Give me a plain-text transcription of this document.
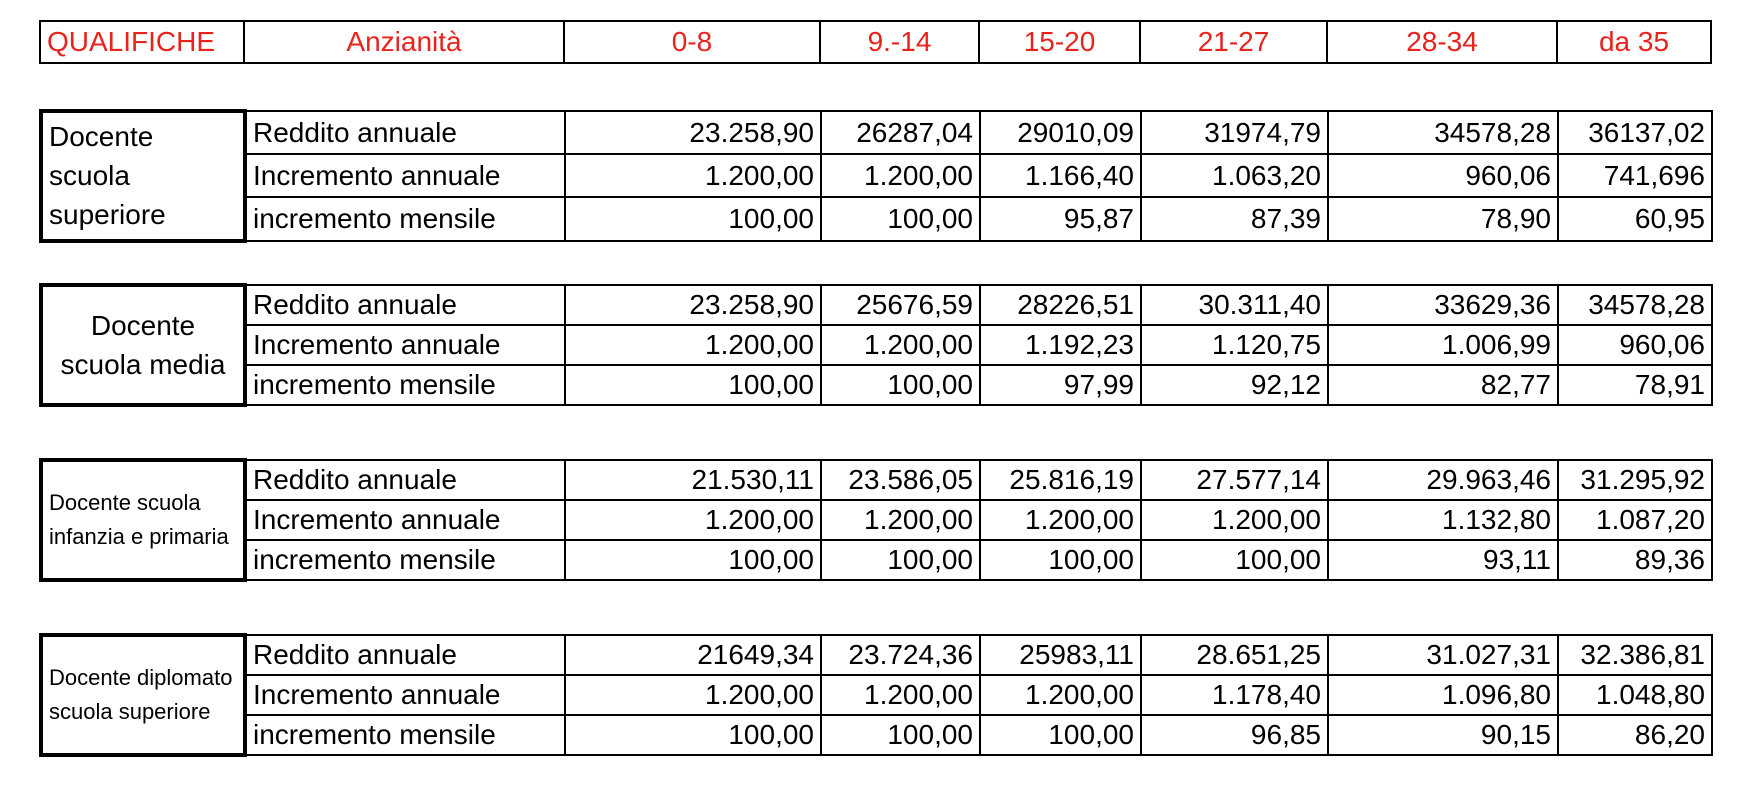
QUALIFICHE	Anzianità	0-8	9.-14	15-20	21-27	28-34	da 35
Docente scuola superiore	Reddito annuale	23.258,90	26287,04	29010,09	31974,79	34578,28	36137,02
	Incremento annuale	1.200,00	1.200,00	1.166,40	1.063,20	960,06	741,696
	incremento mensile	100,00	100,00	95,87	87,39	78,90	60,95
Docente scuola media	Reddito annuale	23.258,90	25676,59	28226,51	30.311,40	33629,36	34578,28
	Incremento annuale	1.200,00	1.200,00	1.192,23	1.120,75	1.006,99	960,06
	incremento mensile	100,00	100,00	97,99	92,12	82,77	78,91
Docente scuola infanzia e primaria	Reddito annuale	21.530,11	23.586,05	25.816,19	27.577,14	29.963,46	31.295,92
	Incremento annuale	1.200,00	1.200,00	1.200,00	1.200,00	1.132,80	1.087,20
	incremento mensile	100,00	100,00	100,00	100,00	93,11	89,36
Docente diplomato scuola superiore	Reddito annuale	21649,34	23.724,36	25983,11	28.651,25	31.027,31	32.386,81
	Incremento annuale	1.200,00	1.200,00	1.200,00	1.178,40	1.096,80	1.048,80
	incremento mensile	100,00	100,00	100,00	96,85	90,15	86,20
